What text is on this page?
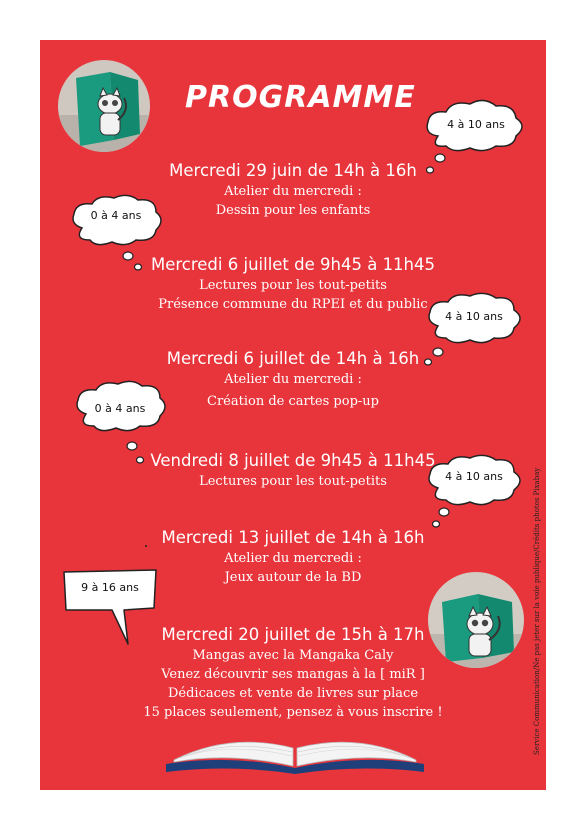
PROGRAMME
4 à 10 ans
0 à 4 ans
4 à 10 ans
0 à 4 ans
4 à 10 ans
9 à 16 ans
Mercredi 29 juin de 14h à 16h
Atelier du mercredi :
Dessin pour les enfants
Mercredi 6 juillet de 9h45 à 11h45
Lectures pour les tout-petits
Présence commune du RPEI et du public
Mercredi 6 juillet de 14h à 16h
Atelier du mercredi :
Création de cartes pop-up
Vendredi 8 juillet de 9h45 à 11h45
Lectures pour les tout-petits
Mercredi 13 juillet de 14h à 16h
Atelier du mercredi :
Jeux autour de la BD
Mercredi 20 juillet de 15h à 17h
Mangas avec la Mangaka Caly
Venez découvrir ses mangas à la [ miR ]
Dédicaces et vente de livres sur place
15 places seulement, pensez à vous inscrire !	Service Communication/Ne pas jeter sur la voie publique/Crédits photos Pixabay
